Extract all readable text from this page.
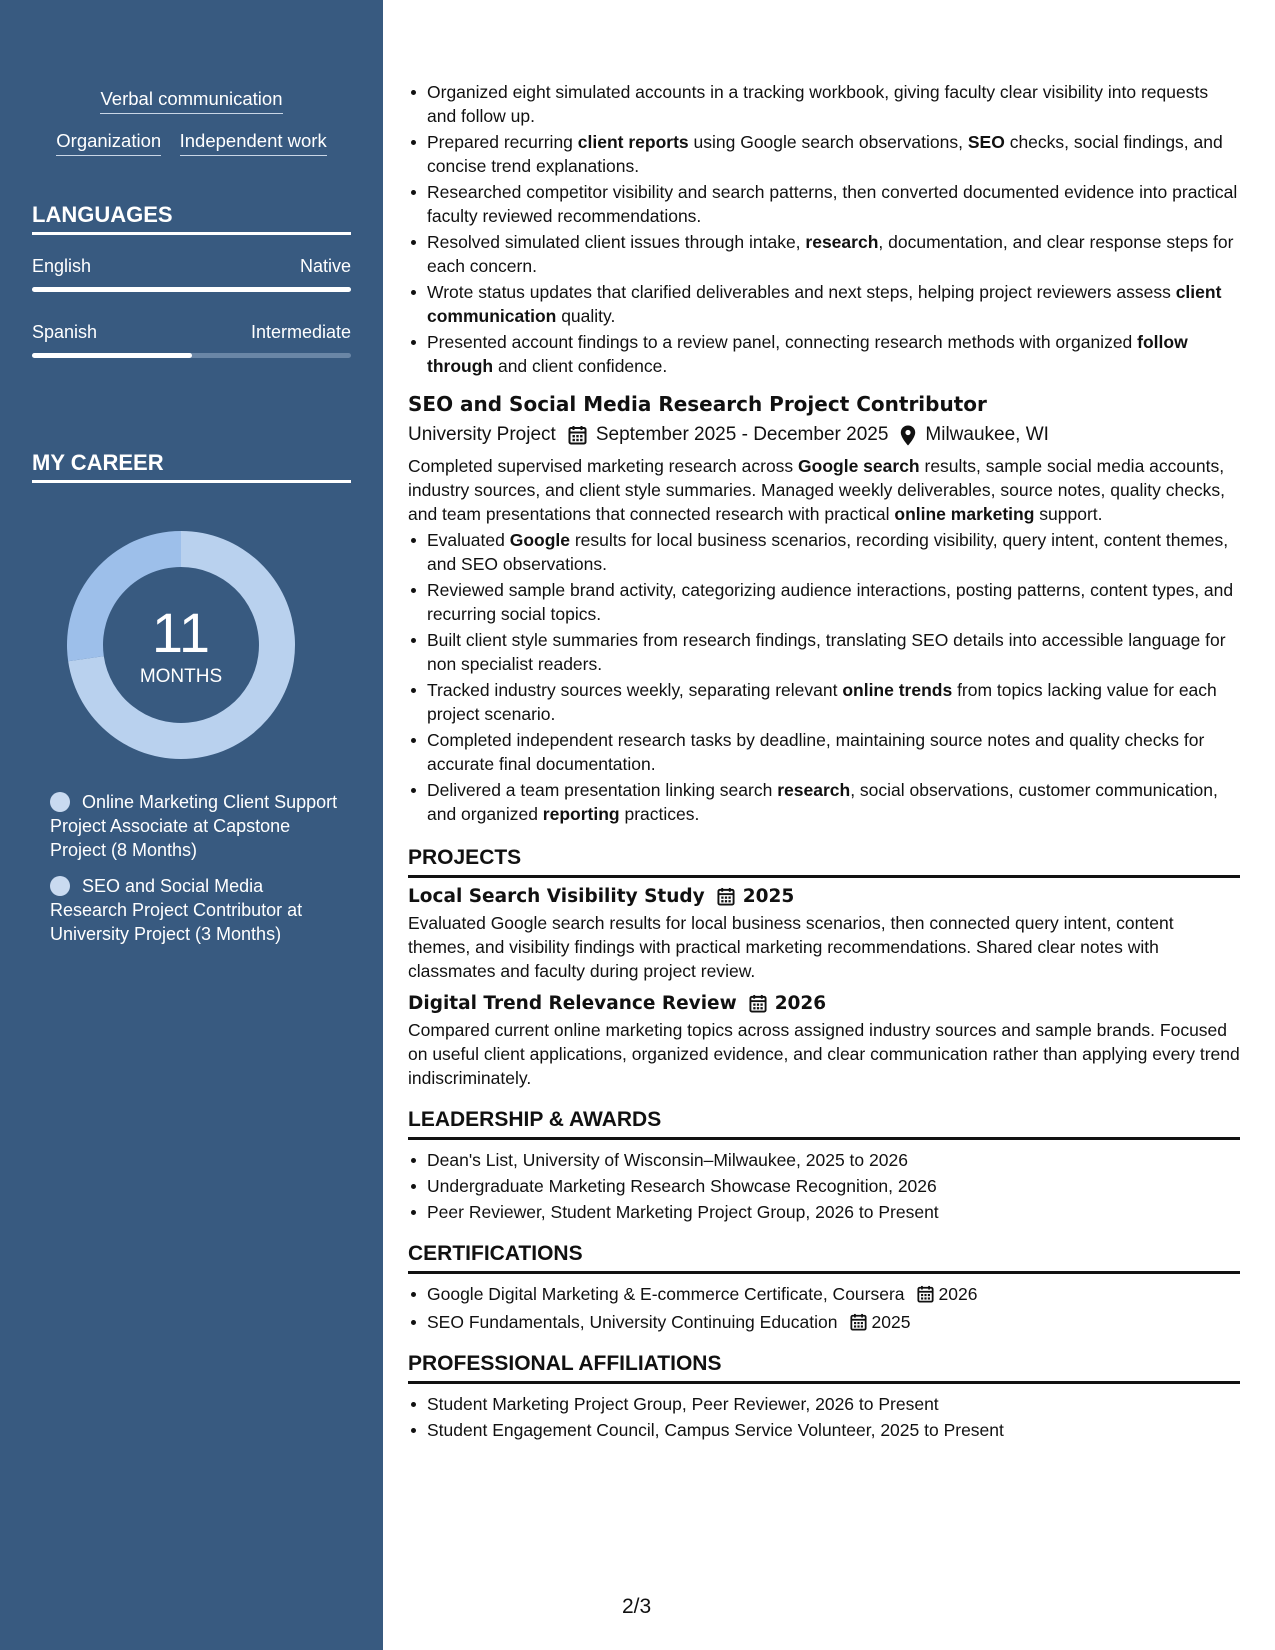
Verbal communication
Organization Independent work
LANGUAGES
English	Native
Spanish	Intermediate
MY CAREER
11
MONTHS
Online Marketing Client Support Project Associate at Capstone Project (8 Months)
SEO and Social Media Research Project Contributor at University Project (3 Months)
Organized eight simulated accounts in a tracking workbook, giving faculty clear visibility into requests and follow up.
Prepared recurring client reports using Google search observations, SEO checks, social findings, and concise trend explanations.
Researched competitor visibility and search patterns, then converted documented evidence into practical faculty reviewed recommendations.
Resolved simulated client issues through intake, research, documentation, and clear response steps for each concern.
Wrote status updates that clarified deliverables and next steps, helping project reviewers assess client communication quality.
Presented account findings to a review panel, connecting research methods with organized follow through and client confidence.
SEO and Social Media Research Project Contributor
University Project September 2025 - December 2025 Milwaukee, WI
Completed supervised marketing research across Google search results, sample social media accounts, industry sources, and client style summaries. Managed weekly deliverables, source notes, quality checks, and team presentations that connected research with practical online marketing support.
Evaluated Google results for local business scenarios, recording visibility, query intent, content themes, and SEO observations.
Reviewed sample brand activity, categorizing audience interactions, posting patterns, content types, and recurring social topics.
Built client style summaries from research findings, translating SEO details into accessible language for non specialist readers.
Tracked industry sources weekly, separating relevant online trends from topics lacking value for each project scenario.
Completed independent research tasks by deadline, maintaining source notes and quality checks for accurate final documentation.
Delivered a team presentation linking search research, social observations, customer communication, and organized reporting practices.
PROJECTS
Local Search Visibility Study 2025
Evaluated Google search results for local business scenarios, then connected query intent, content themes, and visibility findings with practical marketing recommendations. Shared clear notes with classmates and faculty during project review.
Digital Trend Relevance Review 2026
Compared current online marketing topics across assigned industry sources and sample brands. Focused on useful client applications, organized evidence, and clear communication rather than applying every trend indiscriminately.
LEADERSHIP & AWARDS
Dean's List, University of Wisconsin–Milwaukee, 2025 to 2026
Undergraduate Marketing Research Showcase Recognition, 2026
Peer Reviewer, Student Marketing Project Group, 2026 to Present
CERTIFICATIONS
Google Digital Marketing & E-commerce Certificate, Coursera 2026
SEO Fundamentals, University Continuing Education 2025
PROFESSIONAL AFFILIATIONS
Student Marketing Project Group, Peer Reviewer, 2026 to Present
Student Engagement Council, Campus Service Volunteer, 2025 to Present
2/3
